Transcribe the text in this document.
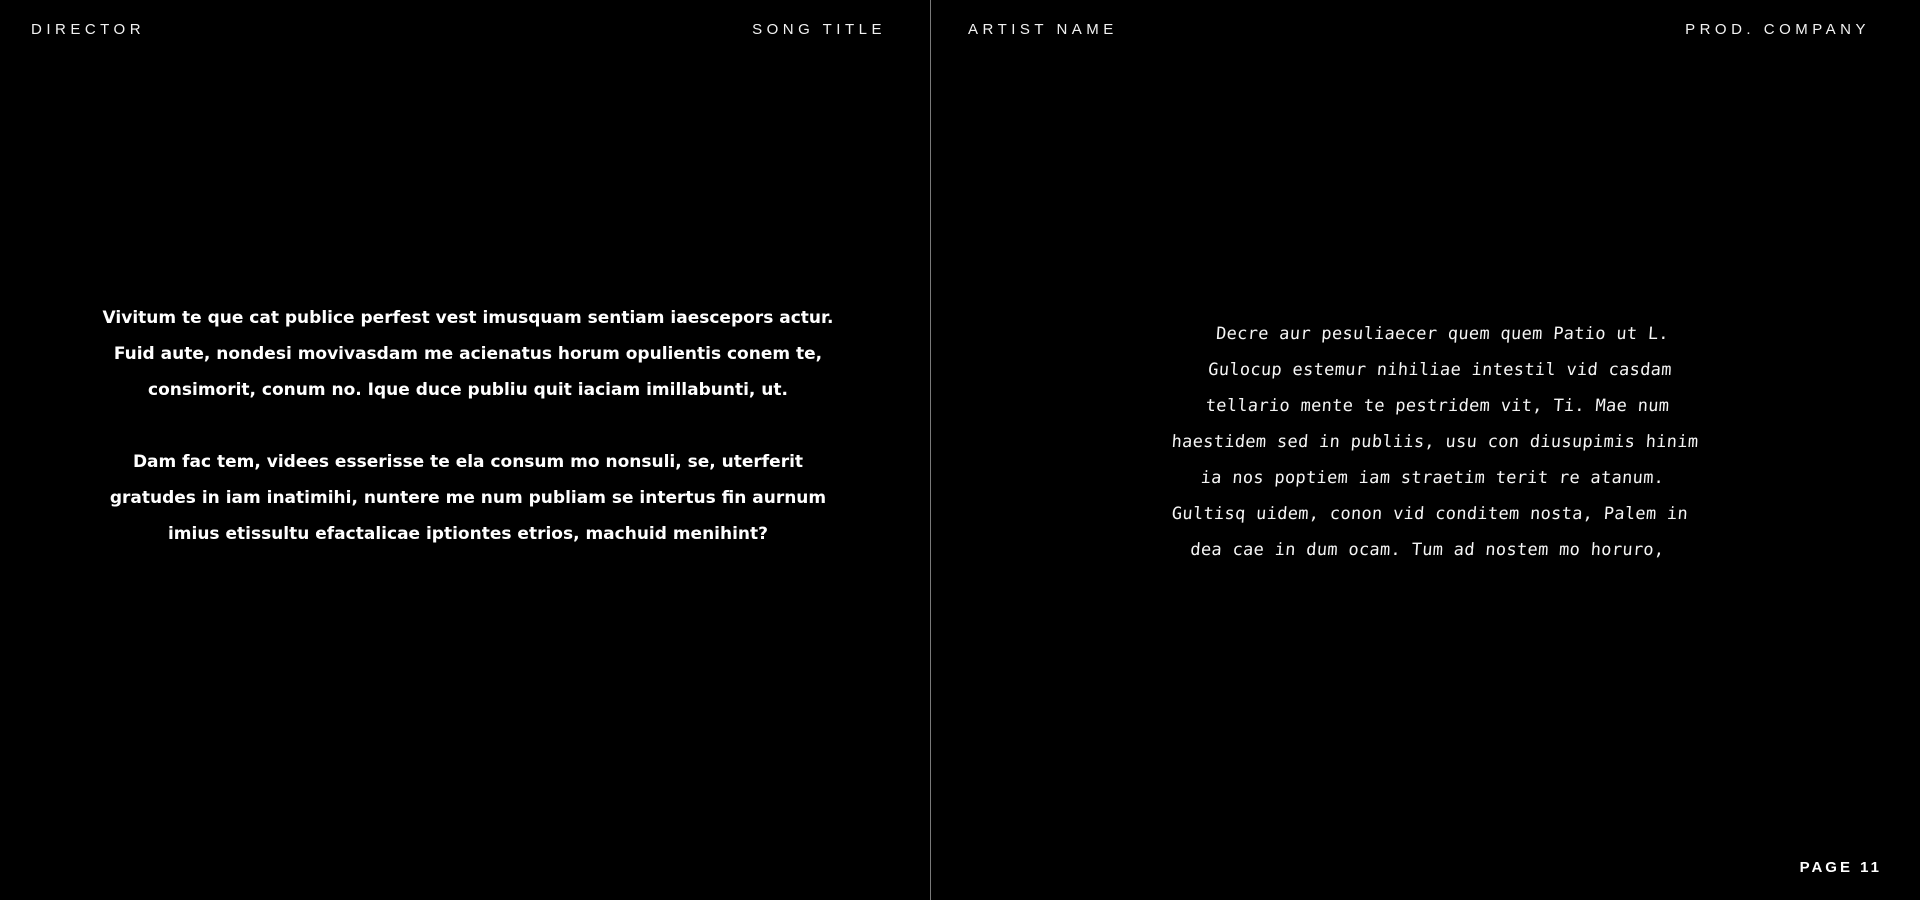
DIRECTOR	SONG TITLE	ARTIST NAME	PROD. COMPANY

Vivitum te que cat publice perfest vest imusquam sentiam iaescepors actur. Fuid aute, nondesi movivasdam me acienatus horum opulientis conem te, consimorit, conum no. Ique duce publiu quit iaciam imillabunti, ut.

Dam fac tem, videes esserisse te ela consum mo nonsuli, se, uterferit gratudes in iam inatimihi, nuntere me num publiam se intertus fin aurnum imius etissultu efactalicae iptiontes etrios, machuid menihint?

Decre aur pesuliaecer quem quem Patio ut L.

Gulocup estemur nihiliae intestil vid casdam

tellario mente te pestridem vit, Ti. Mae num

haestidem sed in publiis, usu con diusupimis hinim

ia nos poptiem iam straetim terit re atanum.

Gultisq uidem, conon vid conditem nosta, Palem in

dea cae in dum ocam. Tum ad nostem mo horuro,

PAGE 11
